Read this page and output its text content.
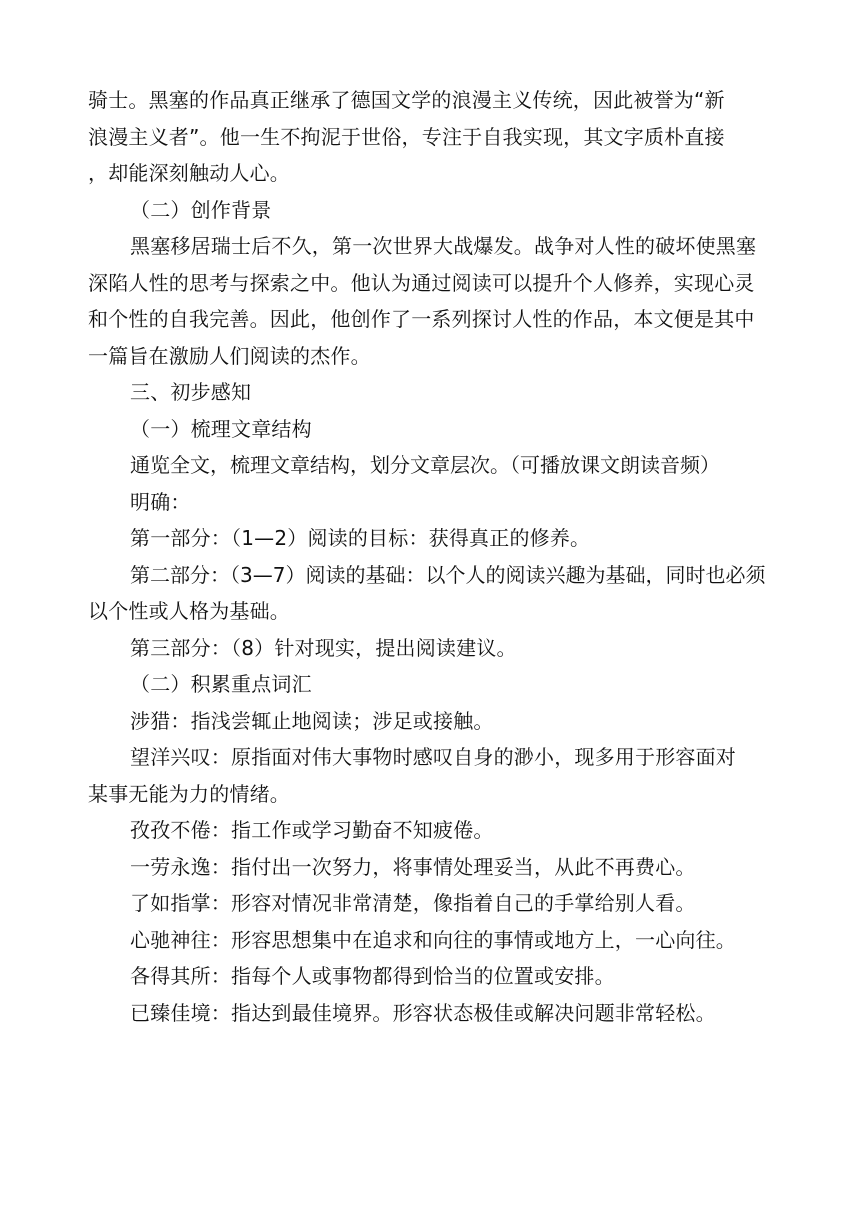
骑士。黑塞的作品真正继承了德国文学的浪漫主义传统，因此被誉为“新
浪漫主义者”。他一生不拘泥于世俗，专注于自我实现，其文字质朴直接
，却能深刻触动人心。
（二）创作背景
黑塞移居瑞士后不久，第一次世界大战爆发。战争对人性的破坏使黑塞
深陷人性的思考与探索之中。他认为通过阅读可以提升个人修养，实现心灵
和个性的自我完善。因此，他创作了一系列探讨人性的作品，本文便是其中
一篇旨在激励人们阅读的杰作。
三、初步感知
（一）梳理文章结构
通览全文，梳理文章结构，划分文章层次。（可播放课文朗读音频）
明确：
第一部分：（1—2）阅读的目标：获得真正的修养。
第二部分：（3—7）阅读的基础：以个人的阅读兴趣为基础，同时也必须
以个性或人格为基础。
第三部分：（8）针对现实，提出阅读建议。
（二）积累重点词汇
涉猎：指浅尝辄止地阅读；涉足或接触。
望洋兴叹：原指面对伟大事物时感叹自身的渺小，现多用于形容面对
某事无能为力的情绪。
孜孜不倦：指工作或学习勤奋不知疲倦。
一劳永逸：指付出一次努力，将事情处理妥当，从此不再费心。
了如指掌：形容对情况非常清楚，像指着自己的手掌给别人看。
心驰神往：形容思想集中在追求和向往的事情或地方上，一心向往。
各得其所：指每个人或事物都得到恰当的位置或安排。
已臻佳境：指达到最佳境界。形容状态极佳或解决问题非常轻松。
